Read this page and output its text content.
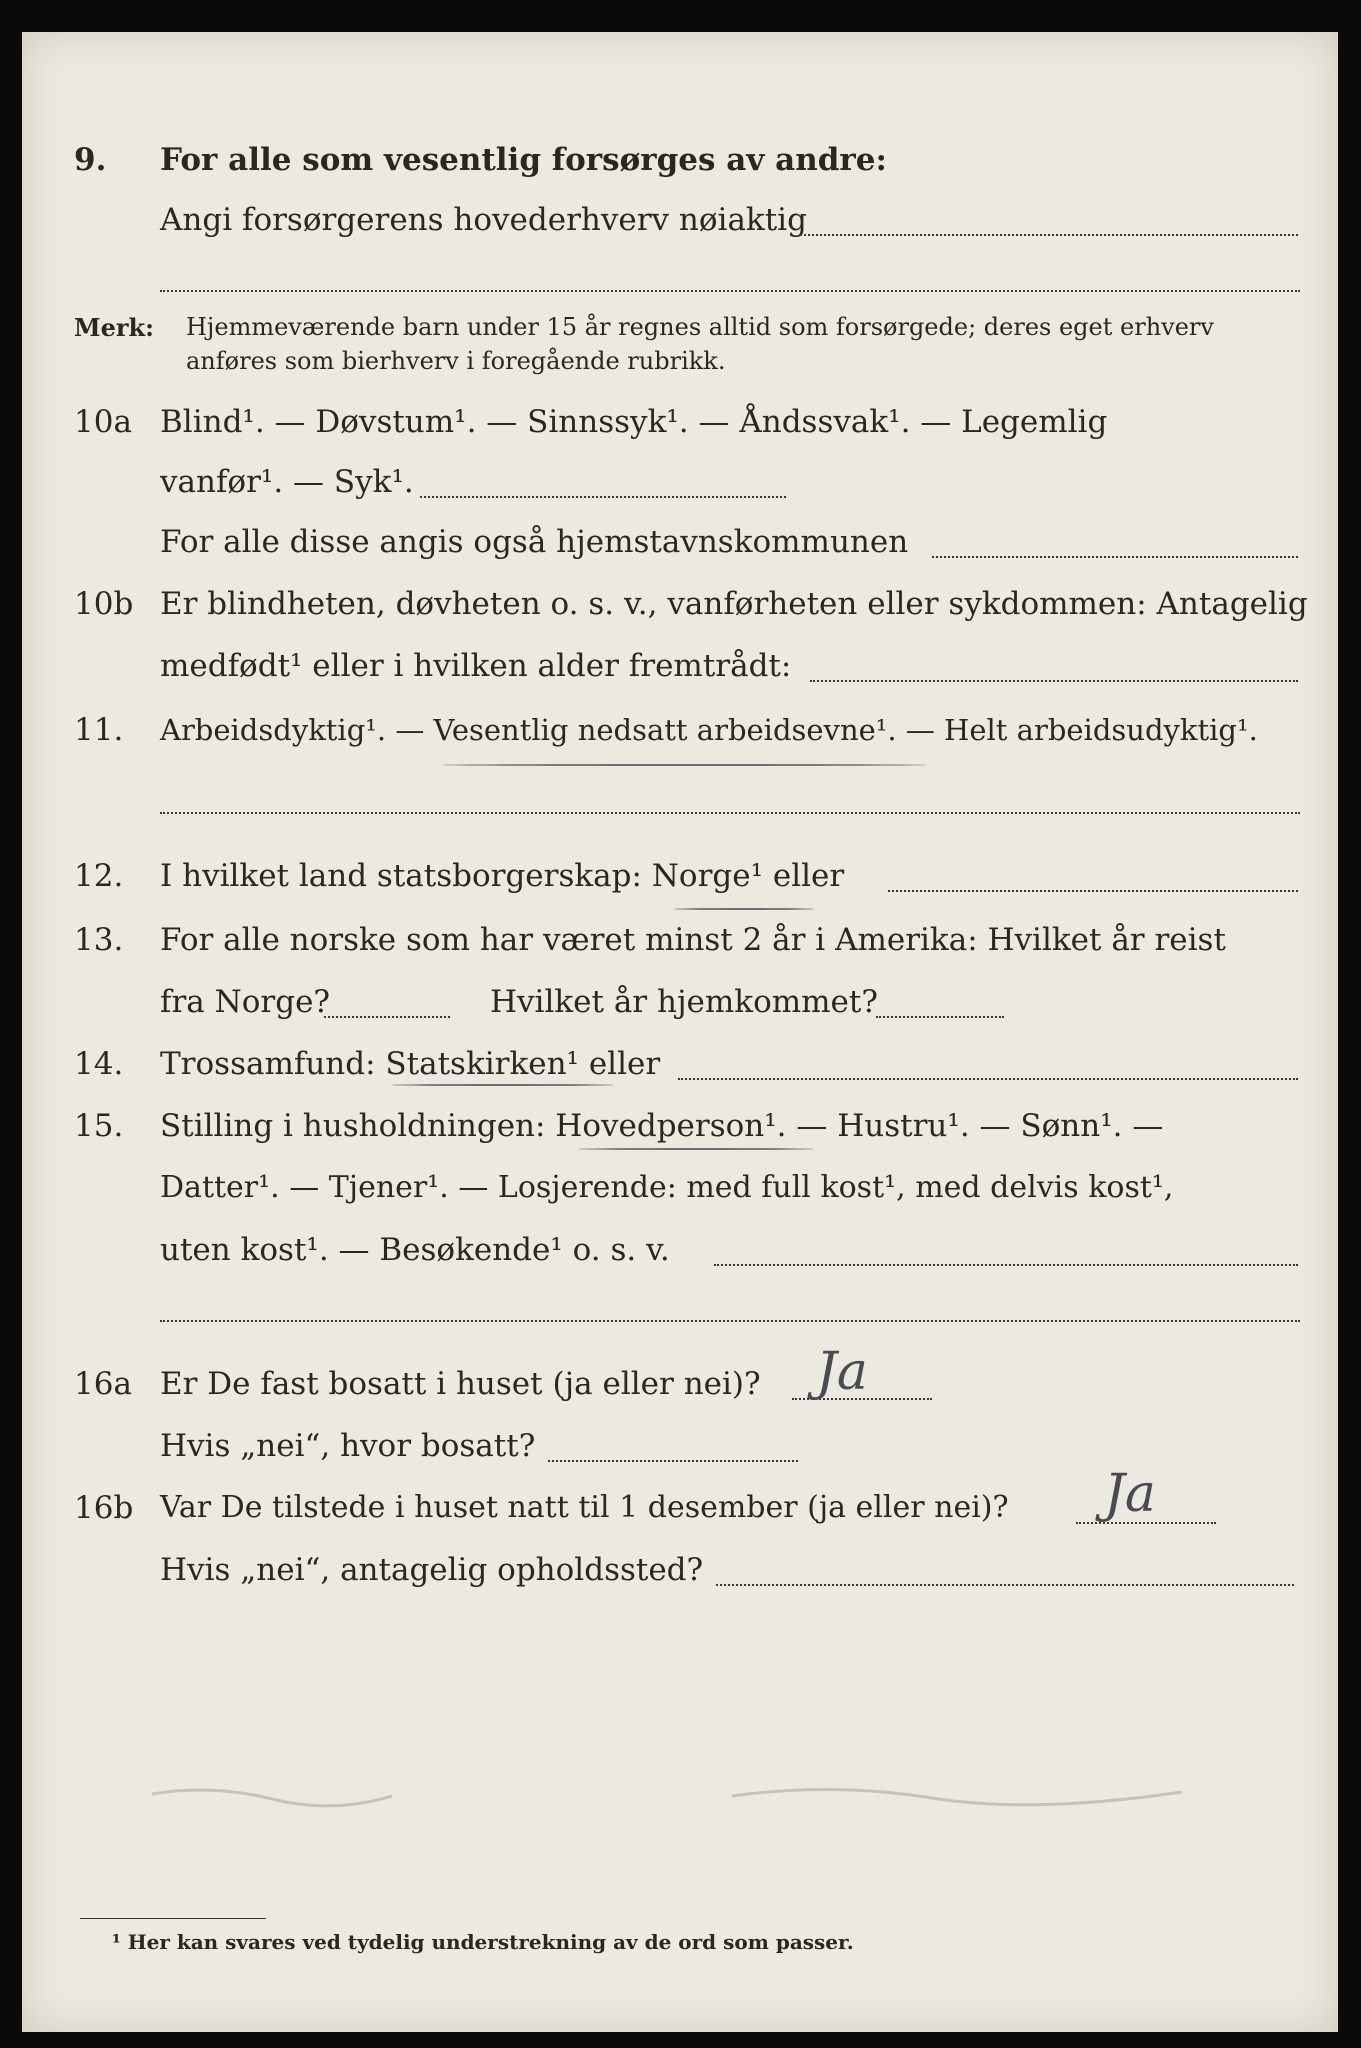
9.	For alle som vesentlig forsørges av andre:
Angi forsørgerens hovederhverv nøiaktig
Merk: Hjemmeværende barn under 15 år regnes alltid som forsørgede; deres eget erhverv
anføres som bierhverv i foregående rubrikk.
10a Blind¹. — Døvstum¹. — Sinnssyk¹. — Åndssvak¹. — Legemlig
vanfør¹. — Syk¹.
For alle disse angis også hjemstavnskommunen
10b Er blindheten, døvheten o. s. v., vanførheten eller sykdommen: Antagelig
medfødt¹ eller i hvilken alder fremtrådt:
11.	Arbeidsdyktig¹. — Vesentlig nedsatt arbeidsevne¹. — Helt arbeidsudyktig¹.
12.	I hvilket land statsborgerskap: Norge¹ eller
13.	For alle norske som har været minst 2 år i Amerika: Hvilket år reist
fra Norge?	Hvilket år hjemkommet?
14.	Trossamfund: Statskirken¹ eller
15.	Stilling i husholdningen: Hovedperson¹. — Hustru¹. — Sønn¹. —
Datter¹. — Tjener¹. — Losjerende: med full kost¹, med delvis kost¹,
uten kost¹. — Besøkende¹ o. s. v.
16a Er De fast bosatt i huset (ja eller nei)? Ja
Hvis „nei“, hvor bosatt?
16b Var De tilstede i huset natt til 1 desember (ja eller nei)? Ja
Hvis „nei“, antagelig opholdssted?
¹ Her kan svares ved tydelig understrekning av de ord som passer.
